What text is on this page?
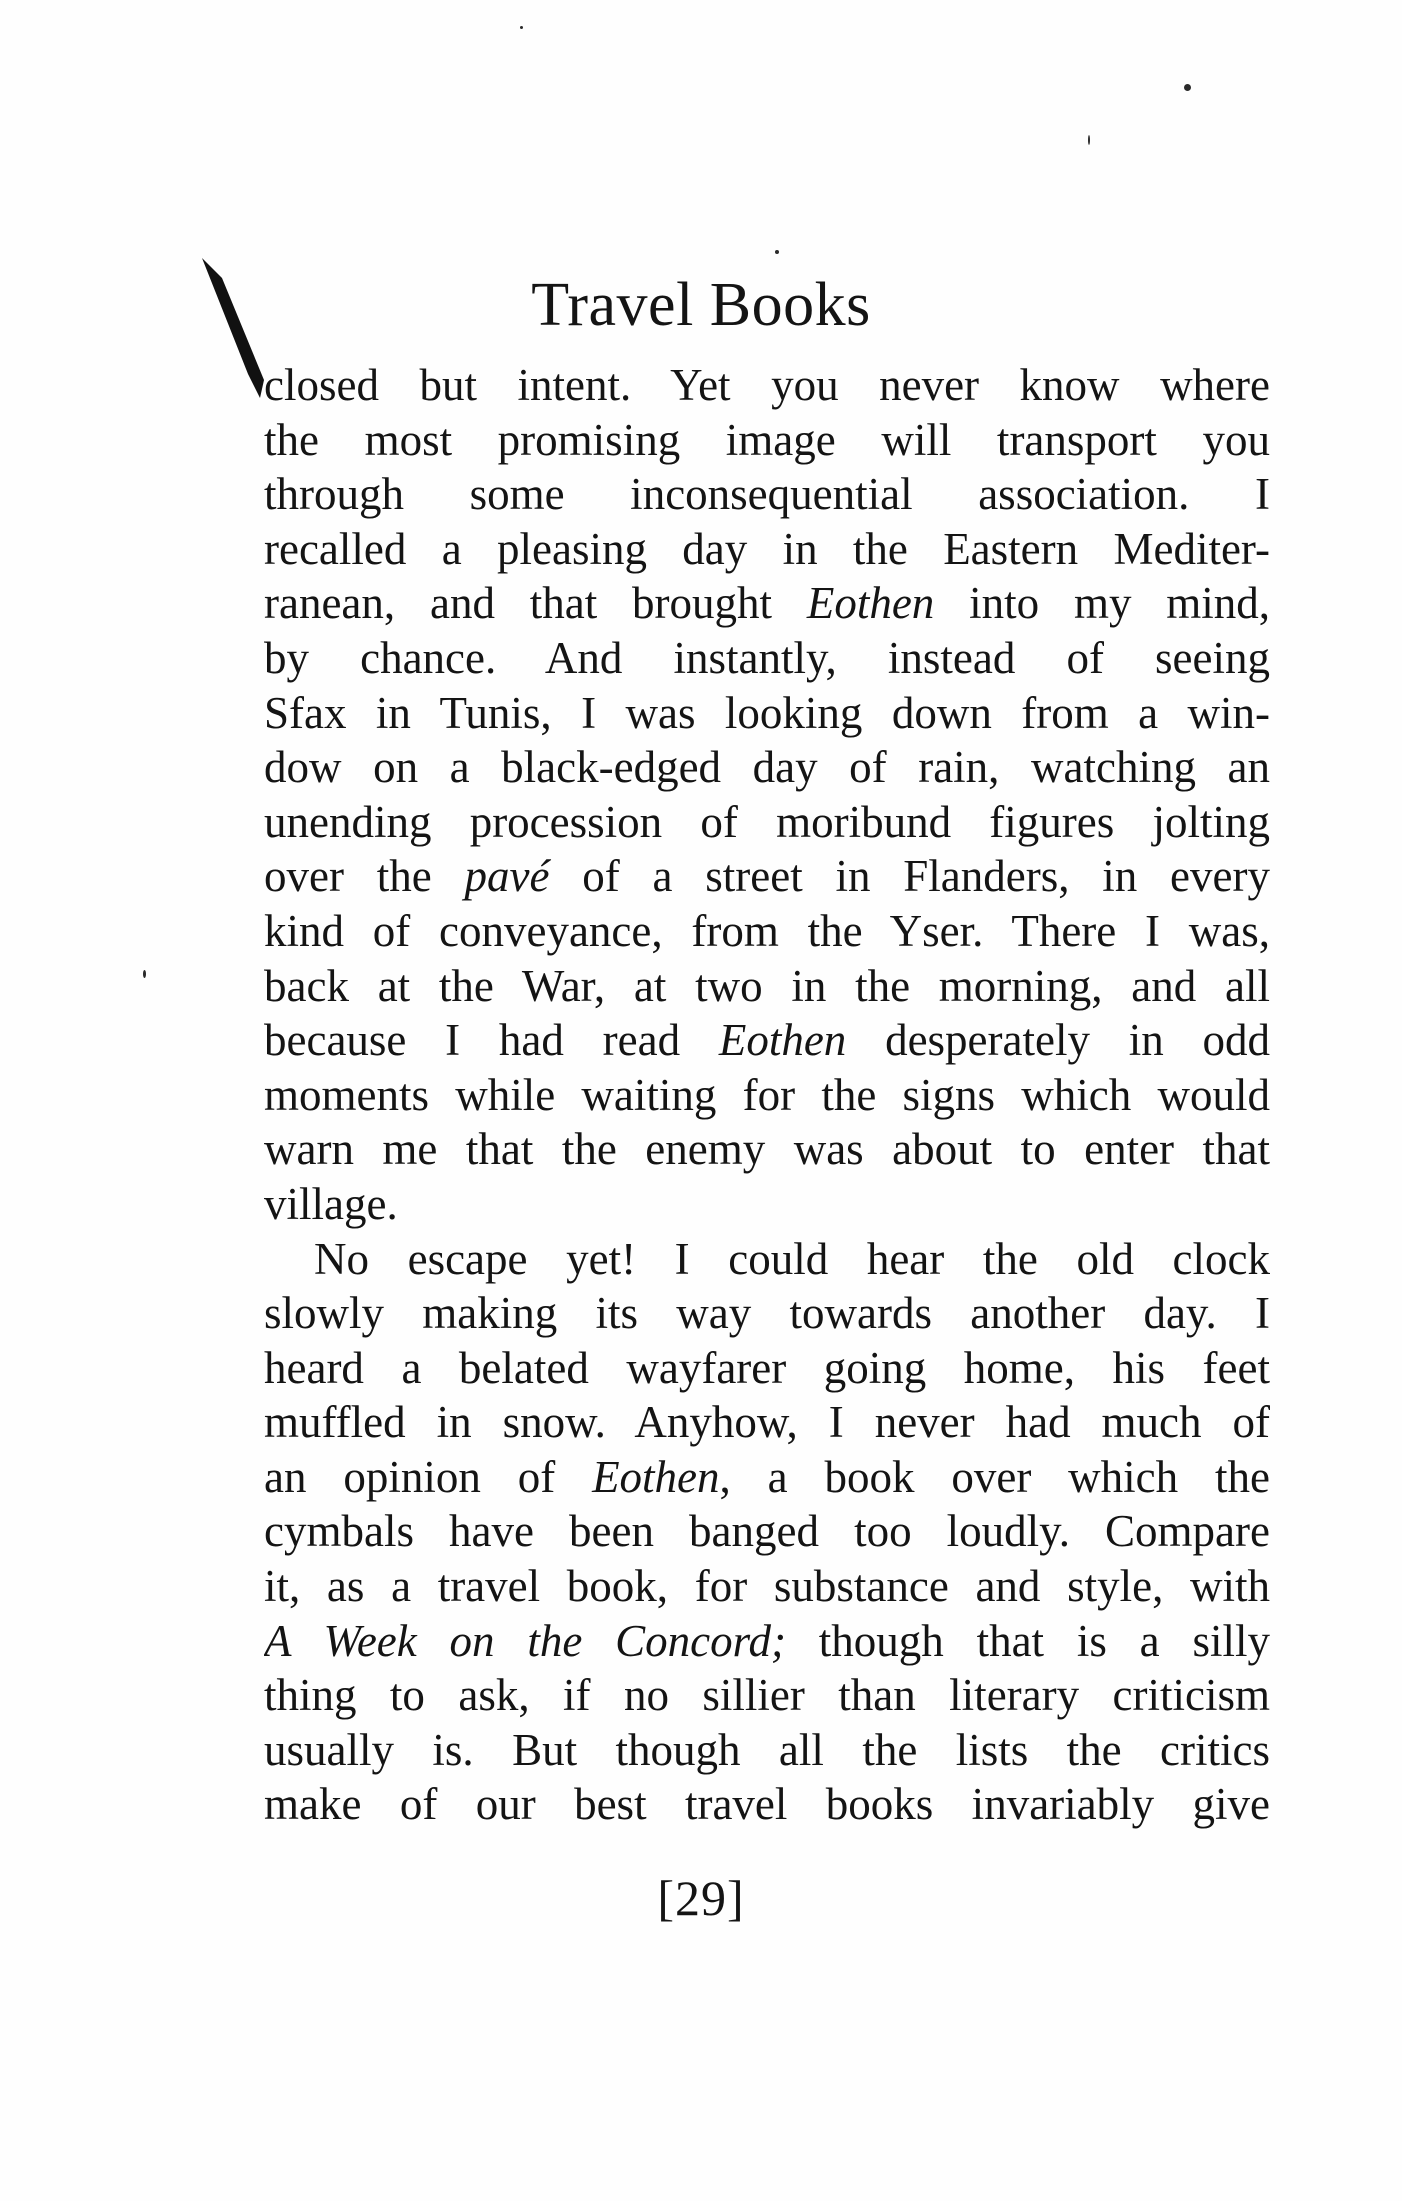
Travel Books
closed but intent. Yet you never know where
the most promising image will transport you
through some inconsequential association. I
recalled a pleasing day in the Eastern Mediter-
ranean, and that brought Eothen into my mind,
by chance. And instantly, instead of seeing
Sfax in Tunis, I was looking down from a win-
dow on a black-edged day of rain, watching an
unending procession of moribund figures jolting
over the pavé of a street in Flanders, in every
kind of conveyance, from the Yser. There I was,
back at the War, at two in the morning, and all
because I had read Eothen desperately in odd
moments while waiting for the signs which would
warn me that the enemy was about to enter that
village.
No escape yet! I could hear the old clock
slowly making its way towards another day. I
heard a belated wayfarer going home, his feet
muffled in snow. Anyhow, I never had much of
an opinion of Eothen, a book over which the
cymbals have been banged too loudly. Compare
it, as a travel book, for substance and style, with
A Week on the Concord; though that is a silly
thing to ask, if no sillier than literary criticism
usually is. But though all the lists the critics
make of our best travel books invariably give
[29]
